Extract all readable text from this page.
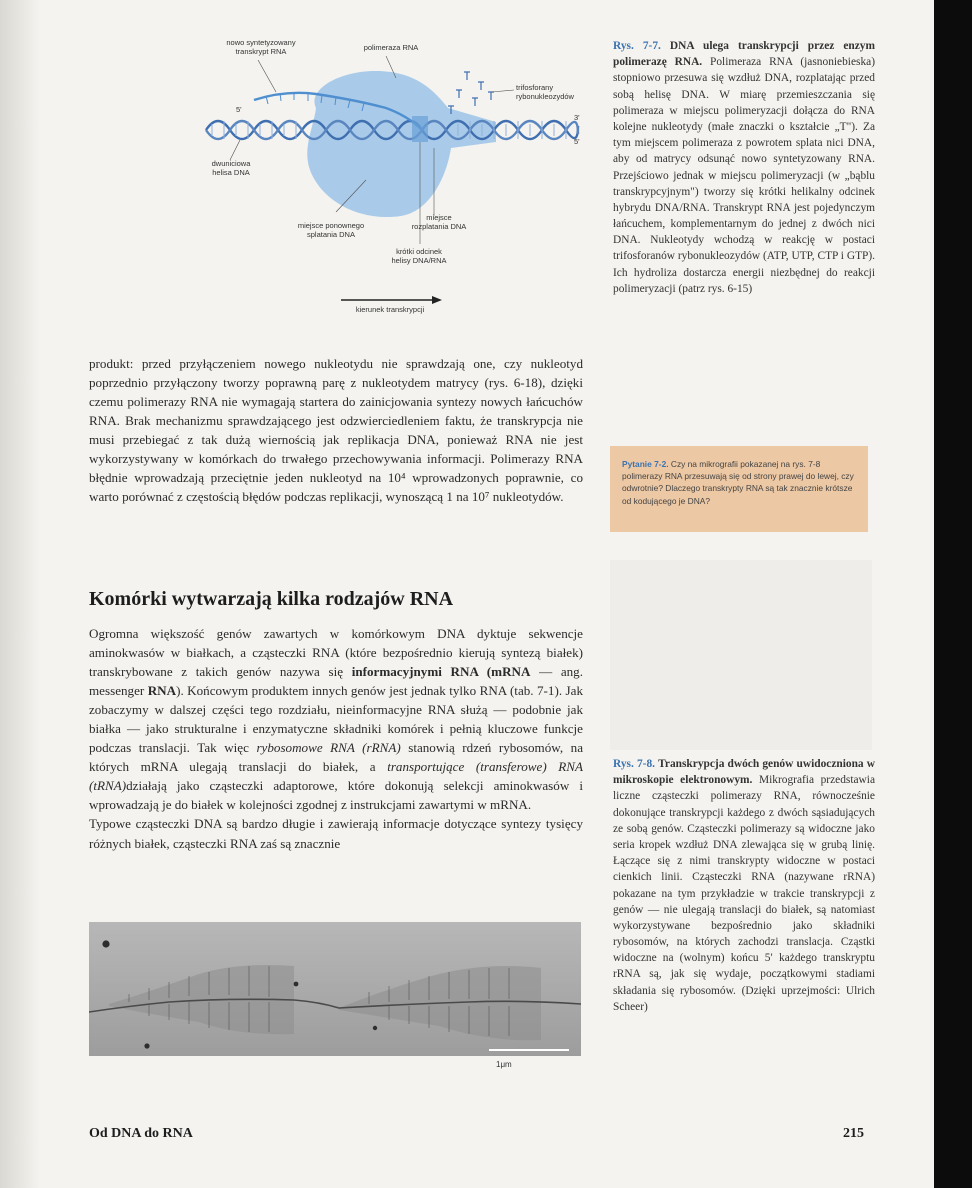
nowo syntetyzowany
transkrypt RNA	polimeraza RNA
trifosforany
rybonukleozydów
5'
3'
5'
dwuniciowa
helisa DNA
miejsce ponownego
splatania DNA
miejsce
rozplatania DNA
krótki odcinek
helisy DNA/RNA
kierunek transkrypcji
Rys. 7-7. DNA ulega transkrypcji przez enzym polimerazę RNA. Polimeraza RNA (jasnoniebieska) stopniowo przesuwa się wzdłuż DNA, rozplatając przed sobą helisę DNA. W miarę przemieszczania się polimeraza w miejscu polimeryzacji dołącza do RNA kolejne nukleotydy (małe znaczki o kształcie „T"). Za tym miejscem polimeraza z powrotem splata nici DNA, aby od matrycy odsunąć nowo syntetyzowany RNA. Przejściowo jednak w miejscu polimeryzacji (w „bąblu transkrypcyjnym") tworzy się krótki helikalny odcinek hybrydu DNA/RNA. Transkrypt RNA jest pojedynczym łańcuchem, komplementarnym do jednej z dwóch nici DNA. Nukleotydy wchodzą w reakcję w postaci trifosforanów rybonukleozydów (ATP, UTP, CTP i GTP). Ich hydroliza dostarcza energii niezbędnej do reakcji polimeryzacji (patrz rys. 6-15)
Pytanie 7-2. Czy na mikrografii pokazanej na rys. 7-8 polimerazy RNA przesuwają się od strony prawej do lewej, czy odwrotnie? Dlaczego transkrypty RNA są tak znacznie krótsze od kodującego je DNA?

produkt: przed przyłączeniem nowego nukleotydu nie sprawdzają one, czy nukleotyd poprzednio przyłączony tworzy poprawną parę z nukleotydem matrycy (rys. 6-18), dzięki czemu polimerazy RNA nie wymagają startera do zainicjowania syntezy nowych łańcuchów RNA. Brak mechanizmu sprawdzającego jest odzwierciedleniem faktu, że transkrypcja nie musi przebiegać z tak dużą wiernością jak replikacja DNA, ponieważ RNA nie jest wykorzystywany w komórkach do trwałego przechowywania informacji. Polimerazy RNA błędnie wprowadzają przeciętnie jeden nukleotyd na 10⁴ wprowadzonych poprawnie, co warto porównać z częstością błędów podczas replikacji, wynoszącą 1 na 10⁷ nukleotydów.

Komórki wytwarzają kilka rodzajów RNA

Ogromna większość genów zawartych w komórkowym DNA dyktuje sekwencje aminokwasów w białkach, a cząsteczki RNA (które bezpośrednio kierują syntezą białek) transkrybowane z takich genów nazywa się informacyjnymi RNA (mRNA — ang. messenger RNA). Końcowym produktem innych genów jest jednak tylko RNA (tab. 7-1). Jak zobaczymy w dalszej części tego rozdziału, nieinformacyjne RNA służą — podobnie jak białka — jako strukturalne i enzymatyczne składniki komórek i pełnią kluczowe funkcje podczas translacji. Tak więc rybosomowe RNA (rRNA) stanowią rdzeń rybosomów, na których mRNA ulegają translacji do białek, a transportujące (transferowe) RNA (tRNA)działają jako cząsteczki adaptorowe, które dokonują selekcji aminokwasów i wprowadzają je do białek w kolejności zgodnej z instrukcjami zawartymi w mRNA.

Typowe cząsteczki DNA są bardzo długie i zawierają informacje dotyczące syntezy tysięcy różnych białek, cząsteczki RNA zaś są znacznie

1μm
Rys. 7-8. Transkrypcja dwóch genów uwidoczniona w mikroskopie elektronowym. Mikrografia przedstawia liczne cząsteczki polimerazy RNA, równocześnie dokonujące transkrypcji każdego z dwóch sąsiadujących ze sobą genów. Cząsteczki polimerazy są widoczne jako seria kropek wzdłuż DNA zlewająca się w grubą linię. Łączące się z nimi transkrypty widoczne w postaci cienkich linii. Cząsteczki RNA (nazywane rRNA) pokazane na tym przykładzie w trakcie transkrypcji z genów — nie ulegają translacji do białek, są natomiast wykorzystywane bezpośrednio jako składniki rybosomów, na których zachodzi translacja. Cząstki widoczne na (wolnym) końcu 5′ każdego transkryptu rRNA są, jak się wydaje, początkowymi stadiami składania się rybosomów. (Dzięki uprzejmości: Ulrich Scheer)
Od DNA do RNA	215
